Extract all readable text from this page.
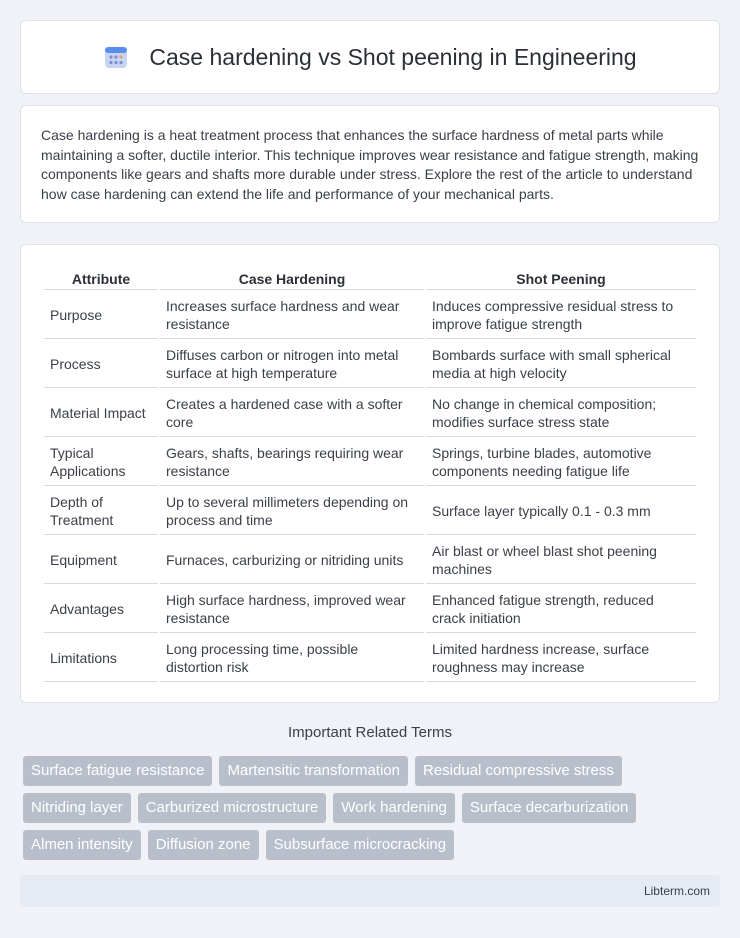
Case hardening vs Shot peening in Engineering

Case hardening is a heat treatment process that enhances the surface hardness of metal parts while maintaining a softer, ductile interior. This technique improves wear resistance and fatigue strength, making components like gears and shafts more durable under stress. Explore the rest of the article to understand how case hardening can extend the life and performance of your mechanical parts.

Attribute	Case Hardening	Shot Peening
Purpose	Increases surface hardness and wear resistance	Induces compressive residual stress to improve fatigue strength
Process	Diffuses carbon or nitrogen into metal surface at high temperature	Bombards surface with small spherical media at high velocity
Material Impact	Creates a hardened case with a softer core	No change in chemical composition; modifies surface stress state
Typical Applications	Gears, shafts, bearings requiring wear resistance	Springs, turbine blades, automotive components needing fatigue life
Depth of Treatment	Up to several millimeters depending on process and time	Surface layer typically 0.1 - 0.3 mm
Equipment	Furnaces, carburizing or nitriding units	Air blast or wheel blast shot peening machines
Advantages	High surface hardness, improved wear resistance	Enhanced fatigue strength, reduced crack initiation
Limitations	Long processing time, possible distortion risk	Limited hardness increase, surface roughness may increase
Important Related Terms
Surface fatigue resistance	Martensitic transformation	Residual compressive stress
Nitriding layer	Carburized microstructure	Work hardening	Surface decarburization
Almen intensity	Diffusion zone	Subsurface microcracking
Libterm.com
